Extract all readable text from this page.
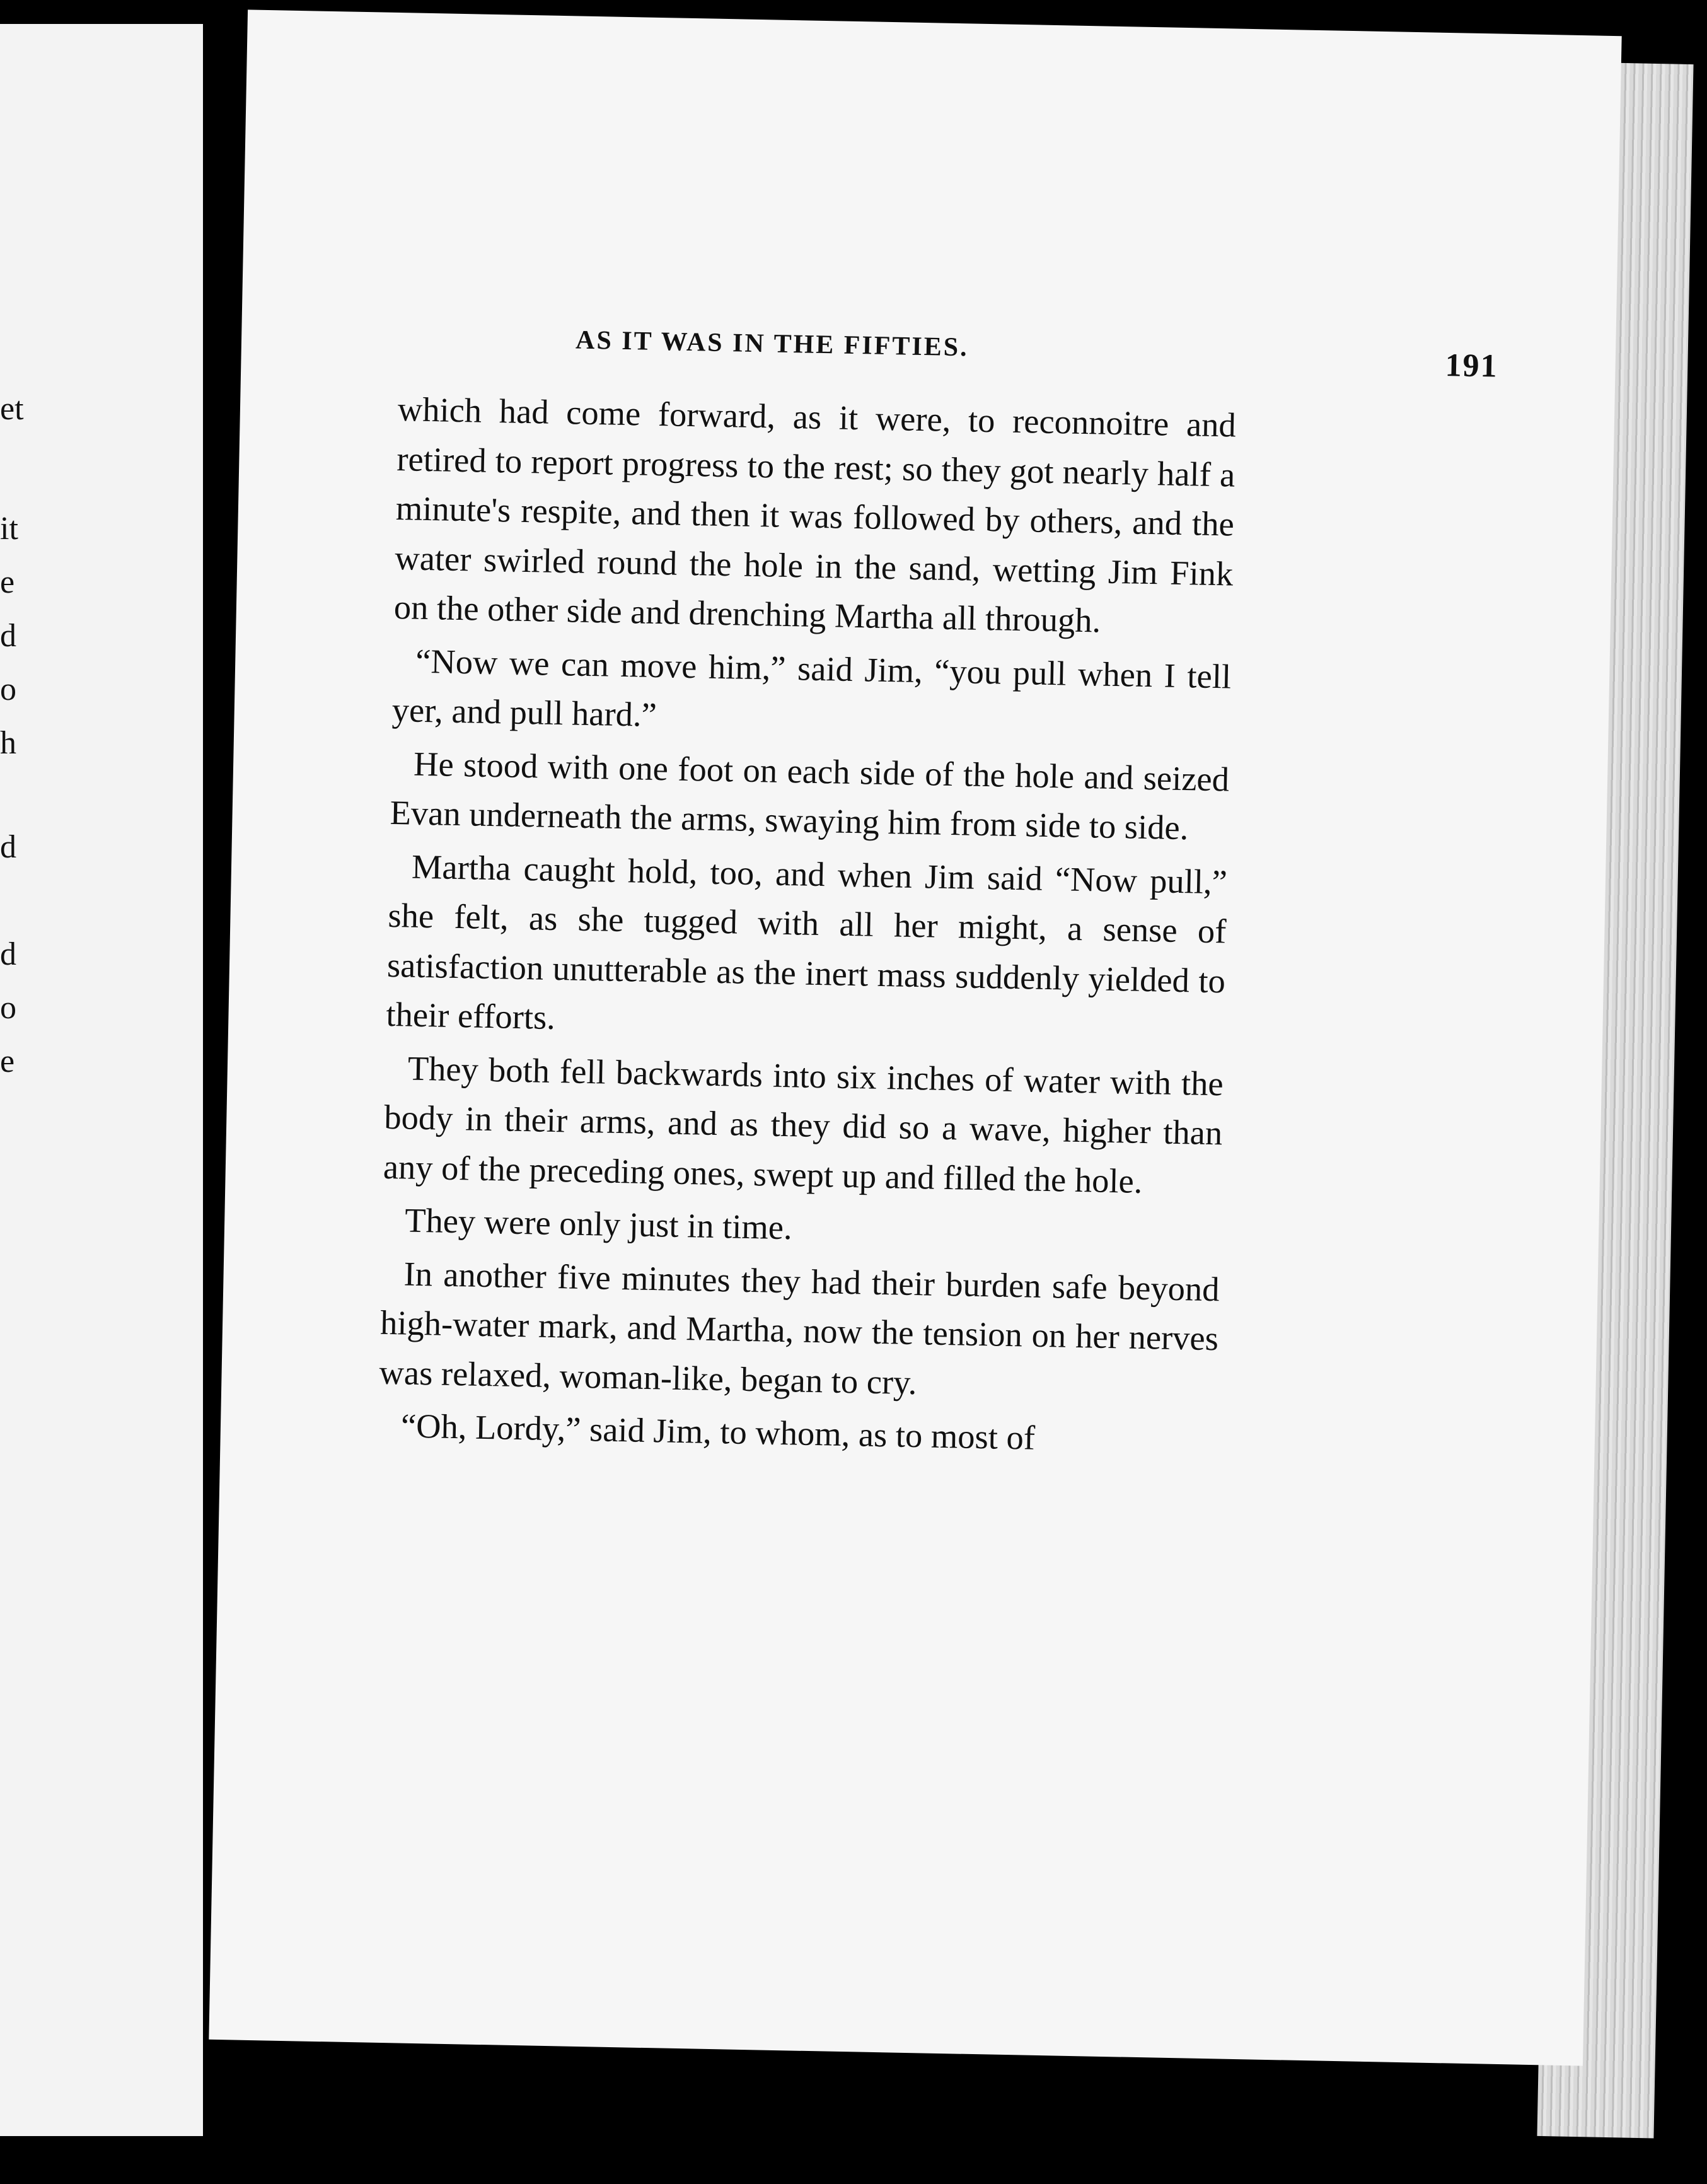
et
it
e
d
o
h
d
d
o
e
AS IT WAS IN THE FIFTIES.
191

which had come forward, as it were, to reconnoitre and retired to report progress to the rest; so they got nearly half a minute's respite, and then it was followed by others, and the water swirled round the hole in the sand, wetting Jim Fink on the other side and drenching Martha all through.

“Now we can move him,” said Jim, “you pull when I tell yer, and pull hard.”

He stood with one foot on each side of the hole and seized Evan underneath the arms, swaying him from side to side.

Martha caught hold, too, and when Jim said “Now pull,” she felt, as she tugged with all her might, a sense of satisfaction unutterable as the inert mass suddenly yielded to their efforts.

They both fell backwards into six inches of water with the body in their arms, and as they did so a wave, higher than any of the preceding ones, swept up and filled the hole.

They were only just in time.

In another five minutes they had their burden safe beyond high-water mark, and Martha, now the tension on her nerves was relaxed, woman-like, began to cry.

“Oh, Lordy,” said Jim, to whom, as to most of
